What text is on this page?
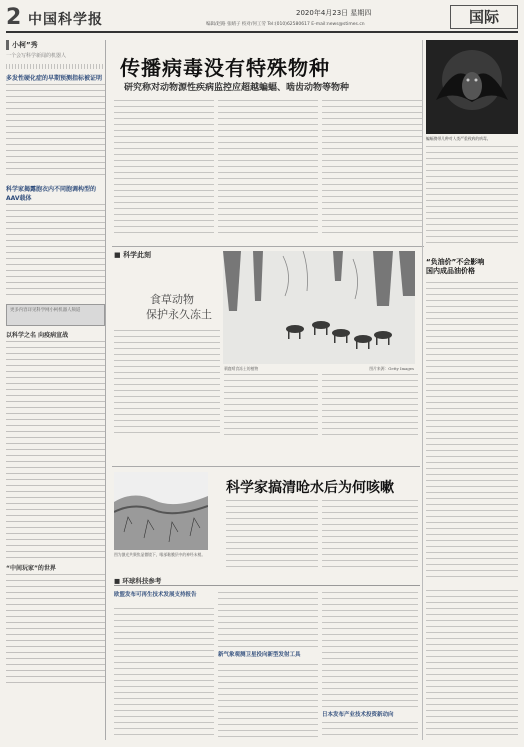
2 中国科学报	2020年4月23日 星期四
编辑/赵路 张晴子 校对/何工劳 Tel:(010)62580617 E-mail:news@stimes.cn	国际
小柯”秀
一个会写科学新闻的机器人
多发性硬化症的早期预测指标被证明
科学家揭露胞衣内不同胞调构型的AAV载体
更多内容详见科学网小柯机器人频道
以科学之名 向疫病宣战
“中间玩家”的世界
传播病毒没有特殊物种
研究称对动物源性疾病监控应超越蝙蝠、啮齿动物等物种
蝙蝠携带几种对人类严重致病的病毒。
■ 科学此刻
食草动物
保护永久冻土
驯鹿啃食冻土的植物	图片来源：Getty Images
“负油价”不会影响
国内成品油价格
图为激光共聚焦显微镜下，喉部黏膜层中的神经末梢。
科学家搞清呛水后为何咳嗽
■ 环球科技参考
欧盟发布可再生技术发展支持报告
新气象观测卫星投向新型发射工具
日本发布产业技术投资新动向
